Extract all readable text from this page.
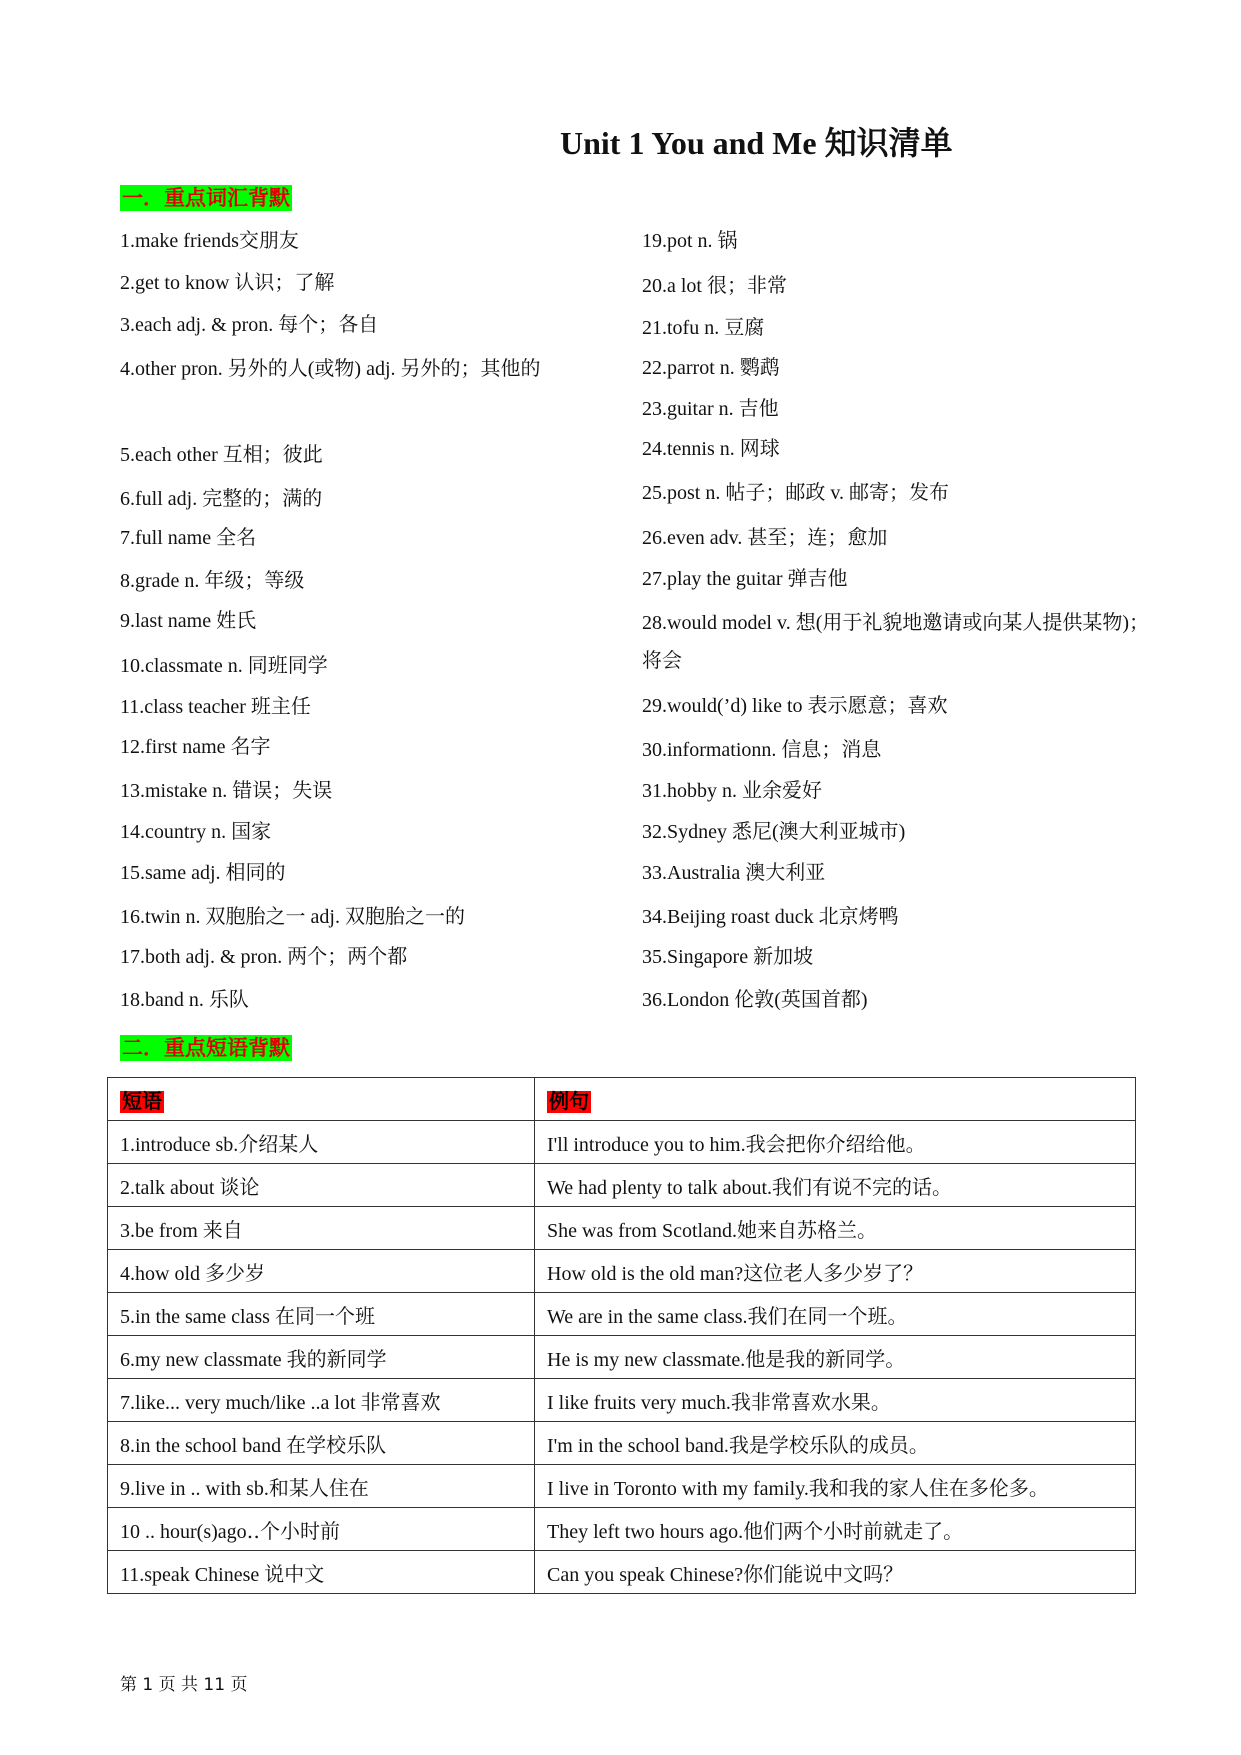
Unit 1 You and Me 知识清单
一．重点词汇背默
1.make friends交朋友
2.get to know 认识；了解
3.each adj. & pron. 每个；各自
4.other pron. 另外的人(或物) adj. 另外的；其他的
5.each other 互相；彼此
6.full adj. 完整的；满的
7.full name 全名
8.grade n. 年级；等级
9.last name 姓氏
10.classmate n. 同班同学
11.class teacher 班主任
12.first name 名字
13.mistake n. 错误；失误
14.country n. 国家
15.same adj. 相同的
16.twin n. 双胞胎之一 adj. 双胞胎之一的
17.both adj. & pron. 两个；两个都
18.band n. 乐队
19.pot n. 锅
20.a lot 很；非常
21.tofu n. 豆腐
22.parrot n. 鹦鹉
23.guitar n. 吉他
24.tennis n. 网球
25.post n. 帖子；邮政 v. 邮寄；发布
26.even adv. 甚至；连；愈加
27.play the guitar 弹吉他
28.would model v. 想(用于礼貌地邀请或向某人提供某物)；将会
29.would(’d) like to 表示愿意；喜欢
30.informationn. 信息；消息
31.hobby n. 业余爱好
32.Sydney 悉尼(澳大利亚城市)
33.Australia 澳大利亚
34.Beijing roast duck 北京烤鸭
35.Singapore 新加坡
36.London 伦敦(英国首都)
二．重点短语背默
短语	例句
1.introduce sb.介绍某人	I'll introduce you to him.我会把你介绍给他。
2.talk about 谈论	We had plenty to talk about.我们有说不完的话。
3.be from 来自	She was from Scotland.她来自苏格兰。
4.how old 多少岁	How old is the old man?这位老人多少岁了？
5.in the same class 在同一个班	We are in the same class.我们在同一个班。
6.my new classmate 我的新同学	He is my new classmate.他是我的新同学。
7.like... very much/like ..a lot 非常喜欢	I like fruits very much.我非常喜欢水果。
8.in the school band 在学校乐队	I'm in the school band.我是学校乐队的成员。
9.live in .. with sb.和某人住在	I live in Toronto with my family.我和我的家人住在多伦多。
10 .. hour(s)ago‥个小时前	They left two hours ago.他们两个小时前就走了。
11.speak Chinese 说中文	Can you speak Chinese?你们能说中文吗？
第 1 页 共 11 页
